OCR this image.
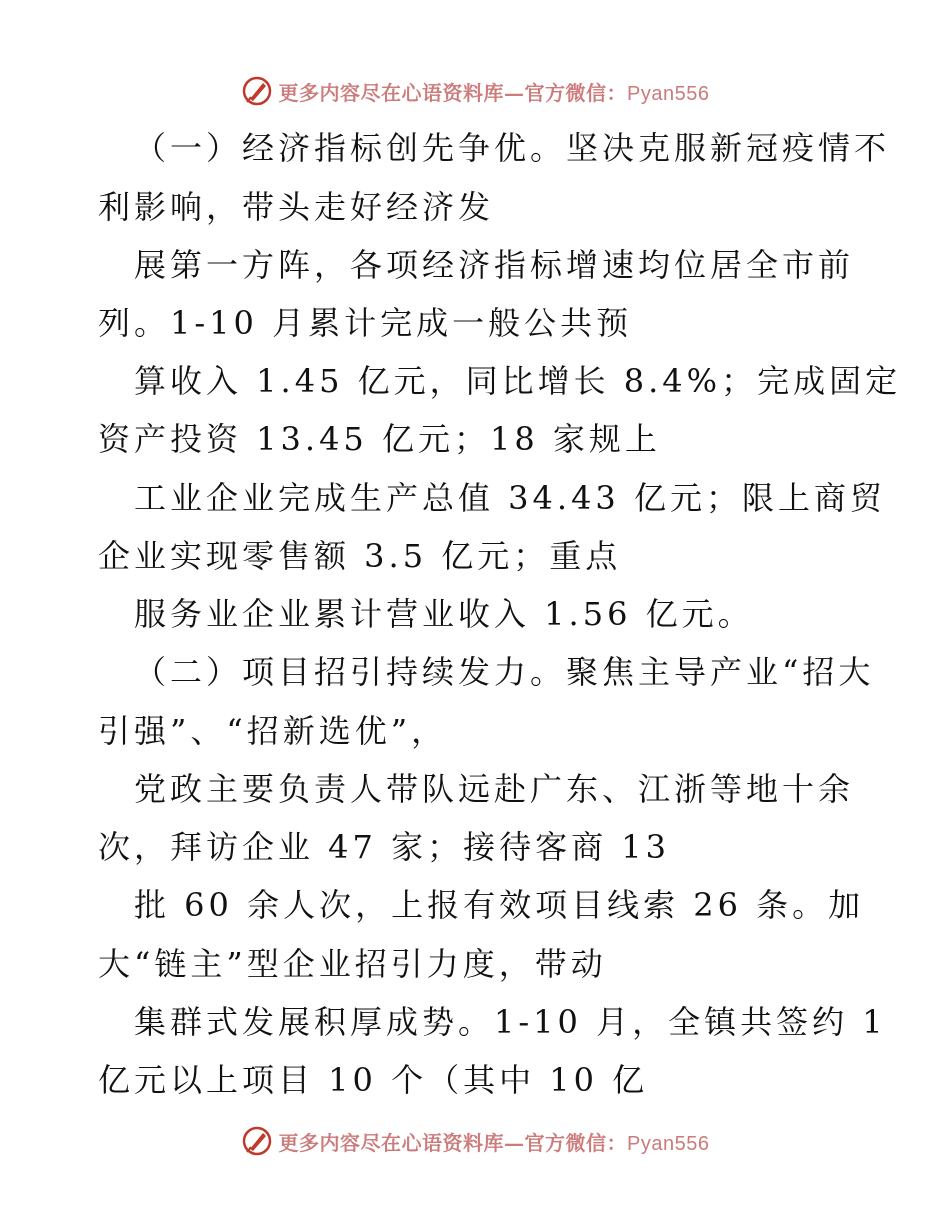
更多内容尽在心语资料库—官方微信：Pyan556
（一）经济指标创先争优。坚决克服新冠疫情不
利影响，带头走好经济发
展第一方阵，各项经济指标增速均位居全市前
列。1-10 月累计完成一般公共预
算收入 1.45 亿元，同比增长 8.4%；完成固定
资产投资 13.45 亿元；18 家规上
工业企业完成生产总值 34.43 亿元；限上商贸
企业实现零售额 3.5 亿元；重点
服务业企业累计营业收入 1.56 亿元。
（二）项目招引持续发力。聚焦主导产业“招大
引强”、“招新选优”，
党政主要负责人带队远赴广东、江浙等地十余
次，拜访企业 47 家；接待客商 13
批 60 余人次，上报有效项目线索 26 条。加
大“链主”型企业招引力度，带动
集群式发展积厚成势。1-10 月，全镇共签约 1
亿元以上项目 10 个（其中 10 亿
更多内容尽在心语资料库—官方微信：Pyan556
